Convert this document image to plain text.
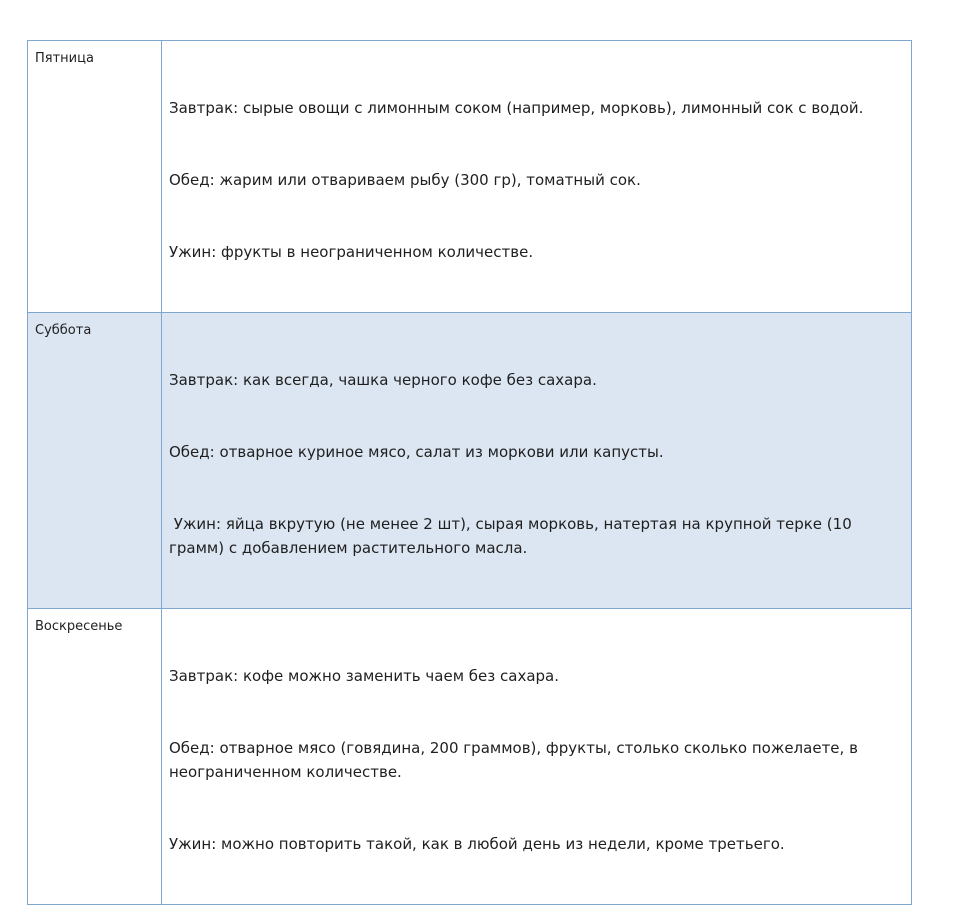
Пятница	Завтрак: сырые овощи с лимонным соком (например, морковь), лимонный сок с водой.

Обед: жарим или отвариваем рыбу (300 гр), томатный сок.

Ужин: фрукты в неограниченном количестве.

Суббота	Завтрак: как всегда, чашка черного кофе без сахара.

Обед: отварное куриное мясо, салат из моркови или капусты.

Ужин: яйца вкрутую (не менее 2 шт), сырая морковь, натертая на крупной терке (10 грамм) с добавлением растительного масла.

Воскресенье	Завтрак: кофе можно заменить чаем без сахара.

Обед: отварное мясо (говядина, 200 граммов), фрукты, столько сколько пожелаете, в неограниченном количестве.

Ужин: можно повторить такой, как в любой день из недели, кроме третьего.
